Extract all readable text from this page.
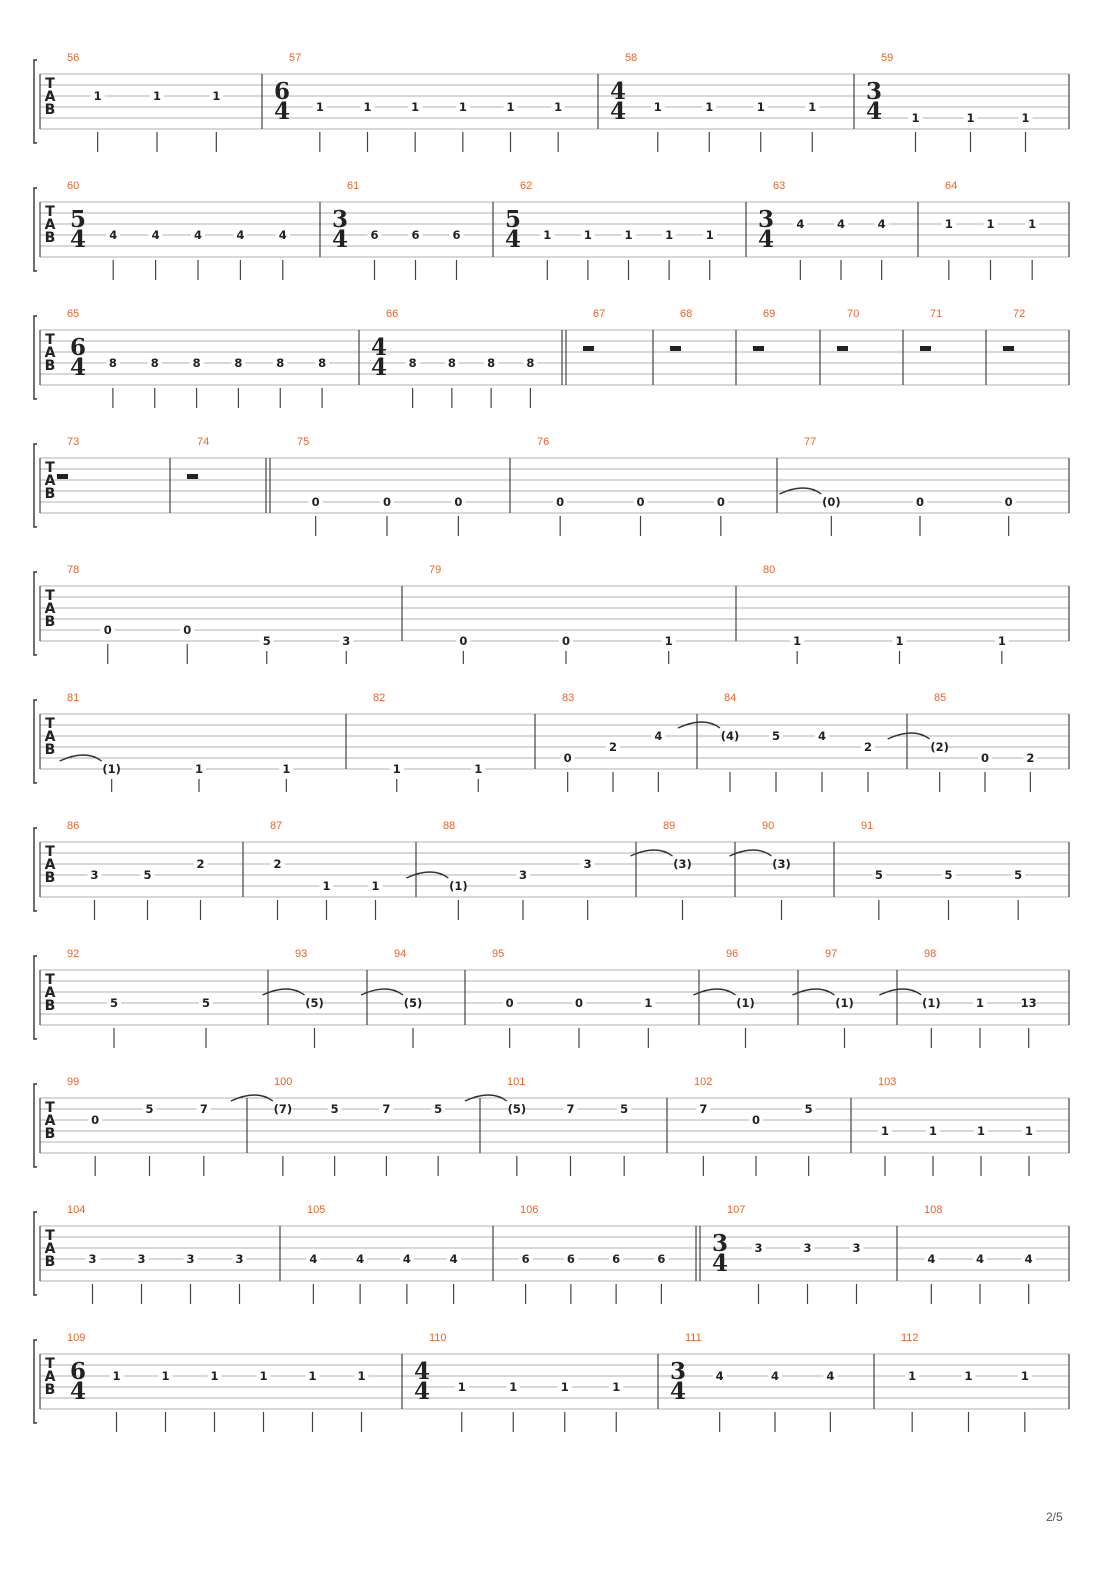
T
A
B
56
1	1	1
57
6
4 1	1	1	1	1	1
58
4
4 1	1	1	1
59
3
4	1	1	1
T
A
B
60
5
4 4	4	4	4	4
61
3
4 6	6	6
62
5
4 1	1	1	1	1
63
3
4
4	4	4
64
1	1	1
T
A
B
65
6
4 8	8	8	8	8	8
66
4
4 8	8	8	8
67	68	69	70	71	72
T
A
B
73	74	75
0	0	0
76
0	0	0
77
(0)	0	0
T
A
B
78
0	0
5	3
79
0	0	1
80
1	1	1
T
A
B
81
(1)	1	1
82
1	1
83
0
2
4
84
(4)	5	4
2
85
(2)
0	2
T
A
B
86
3	5
2
87
2
1	1
88
(1)
3
3
89
(3)
90
(3)
91
5	5	5
T
A
B
92
5	5
93
(5)
94
(5)
95
0	0	1
96
(1)
97
(1)
98
(1)	1	13
T
A
B
99
0
5	7
100
(7)	5	7	5
101
(5)	7	5
102
7
0
5
103
1	1	1	1
T
A
B
104
3	3	3	3
105
4	4	4	4
106
6	6	6	6
107
3
4
3	3	3
108
4	4	4
T
A
B
109
6
4
1	1	1	1	1	1
110
4
4 1	1	1	1
111
3
4
4	4	4
112
1	1	1
2/5
